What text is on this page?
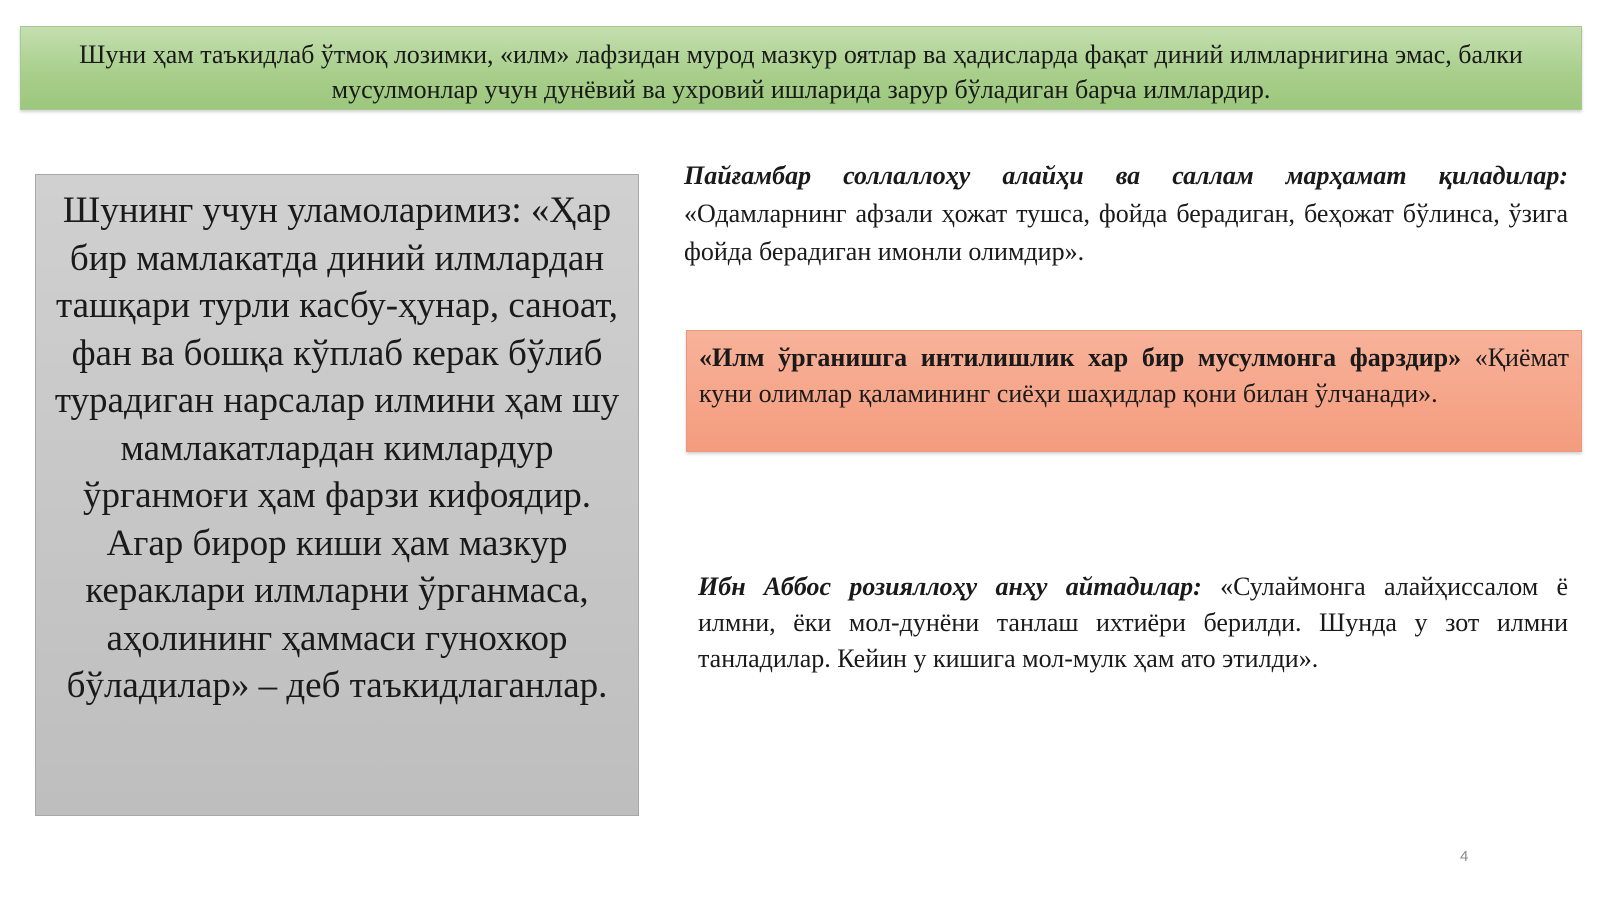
Шуни ҳам таъкидлаб ўтмоқ лозимки, «илм» лафзидан мурод мазкур оятлар ва ҳадисларда фақат диний илмларнигина эмас, балки мусулмонлар учун дунёвий ва ухровий ишларида зарур бўладиган барча илмлардир.
Шунинг учун уламоларимиз: «Ҳар бир мамлакатда диний илмлардан ташқари турли касбу-ҳунар, саноат, фан ва бошқа кўплаб керак бўлиб турадиган нарсалар илмини ҳам шу мамлакатлардан кимлардур ўрганмоғи ҳам фарзи кифоядир. Агар бирор киши ҳам мазкур кераклари илмларни ўрганмаса, аҳолининг ҳаммаси гунохкор бўладилар» – деб таъкидлаганлар.
Пайғамбар соллаллоҳу алайҳи ва саллам марҳамат қиладилар: «Одамларнинг афзали ҳожат тушса, фойда берадиган, беҳожат бўлинса, ўзига фойда берадиган имонли олимдир».
«Илм ўрганишга интилишлик хар бир мусулмонга фарздир» «Қиёмат куни олимлар қаламининг сиёҳи шаҳидлар қони билан ўлчанади».
Ибн Аббос розияллоҳу анҳу айтадилар: «Сулаймонга алайҳиссалом ё илмни, ёки мол-дунёни танлаш ихтиёри берилди. Шунда у зот илмни танладилар. Кейин у кишига мол-мулк ҳам ато этилди».
4
